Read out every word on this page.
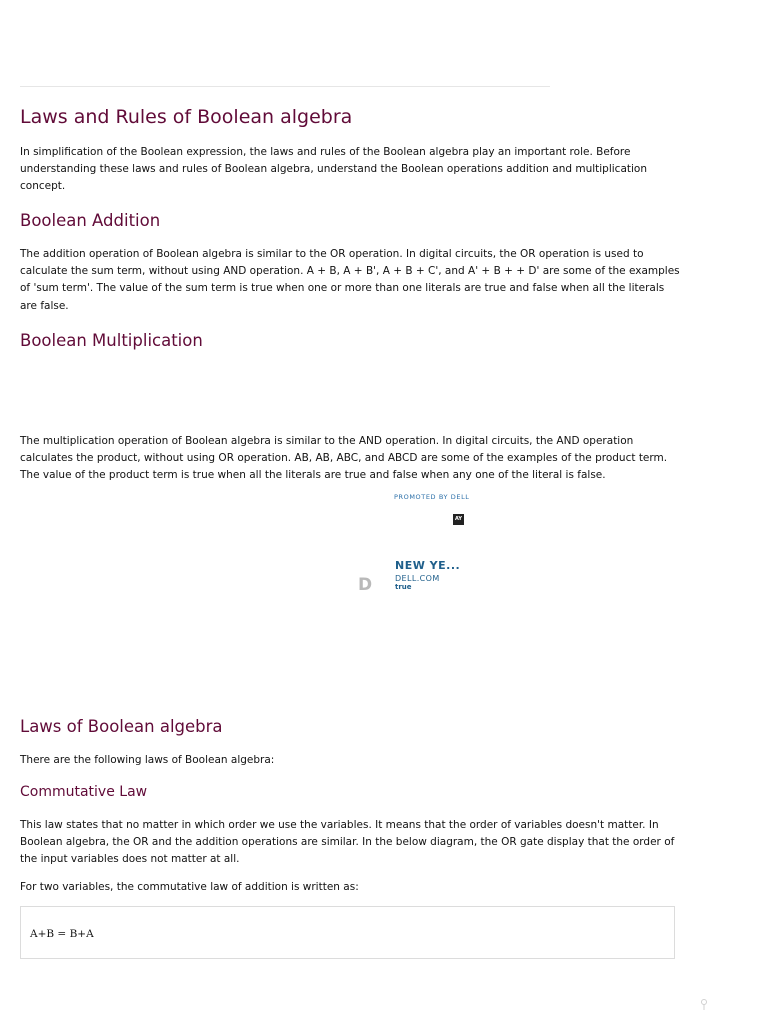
Laws and Rules of Boolean algebra

In simplification of the Boolean expression, the laws and rules of the Boolean algebra play an important role. Before understanding these laws and rules of Boolean algebra, understand the Boolean operations addition and multiplication concept.

Boolean Addition

The addition operation of Boolean algebra is similar to the OR operation. In digital circuits, the OR operation is used to calculate the sum term, without using AND operation. A + B, A + B', A + B + C', and A' + B + + D' are some of the examples of 'sum term'. The value of the sum term is true when one or more than one literals are true and false when all the literals are false.

Boolean Multiplication

The multiplication operation of Boolean algebra is similar to the AND operation. In digital circuits, the AND operation calculates the product, without using OR operation. AB, AB, ABC, and ABCD are some of the examples of the product term. The value of the product term is true when all the literals are true and false when any one of the literal is false.

PROMOTED BY DELL
AY
D
NEW YE...
DELL.COM
true
Laws of Boolean algebra

There are the following laws of Boolean algebra:

Commutative Law

This law states that no matter in which order we use the variables. It means that the order of variables doesn't matter. In Boolean algebra, the OR and the addition operations are similar. In the below diagram, the OR gate display that the order of the input variables does not matter at all.

For two variables, the commutative law of addition is written as:

A+B = B+A
